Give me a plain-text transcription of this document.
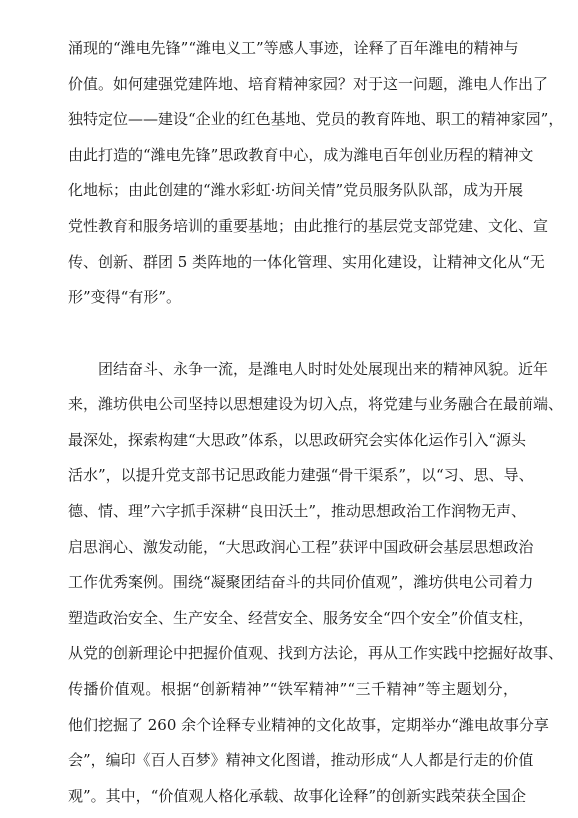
涌现的“潍电先锋”“潍电义工”等感人事迹，诠释了百年潍电的精神与
价值。如何建强党建阵地、培育精神家园？对于这一问题，潍电人作出了
独特定位——建设“企业的红色基地、党员的教育阵地、职工的精神家园”，
由此打造的“潍电先锋”思政教育中心，成为潍电百年创业历程的精神文
化地标；由此创建的“潍水彩虹·坊间关情”党员服务队队部，成为开展
党性教育和服务培训的重要基地；由此推行的基层党支部党建、文化、宣
传、创新、群团 5 类阵地的一体化管理、实用化建设，让精神文化从“无
形”变得“有形”。
团结奋斗、永争一流，是潍电人时时处处展现出来的精神风貌。近年
来，潍坊供电公司坚持以思想建设为切入点，将党建与业务融合在最前端、
最深处，探索构建“大思政”体系，以思政研究会实体化运作引入“源头
活水”，以提升党支部书记思政能力建强“骨干渠系”，以“习、思、导、
德、情、理”六字抓手深耕“良田沃土”，推动思想政治工作润物无声、
启思润心、激发动能，“大思政润心工程”获评中国政研会基层思想政治
工作优秀案例。围绕“凝聚团结奋斗的共同价值观”，潍坊供电公司着力
塑造政治安全、生产安全、经营安全、服务安全“四个安全”价值支柱，
从党的创新理论中把握价值观、找到方法论，再从工作实践中挖掘好故事、
传播价值观。根据“创新精神”“铁军精神”“三千精神”等主题划分，
他们挖掘了 260 余个诠释专业精神的文化故事，定期举办“潍电故事分享
会”，编印《百人百梦》精神文化图谱，推动形成“人人都是行走的价值
观”。其中，“价值观人格化承载、故事化诠释”的创新实践荣获全国企
